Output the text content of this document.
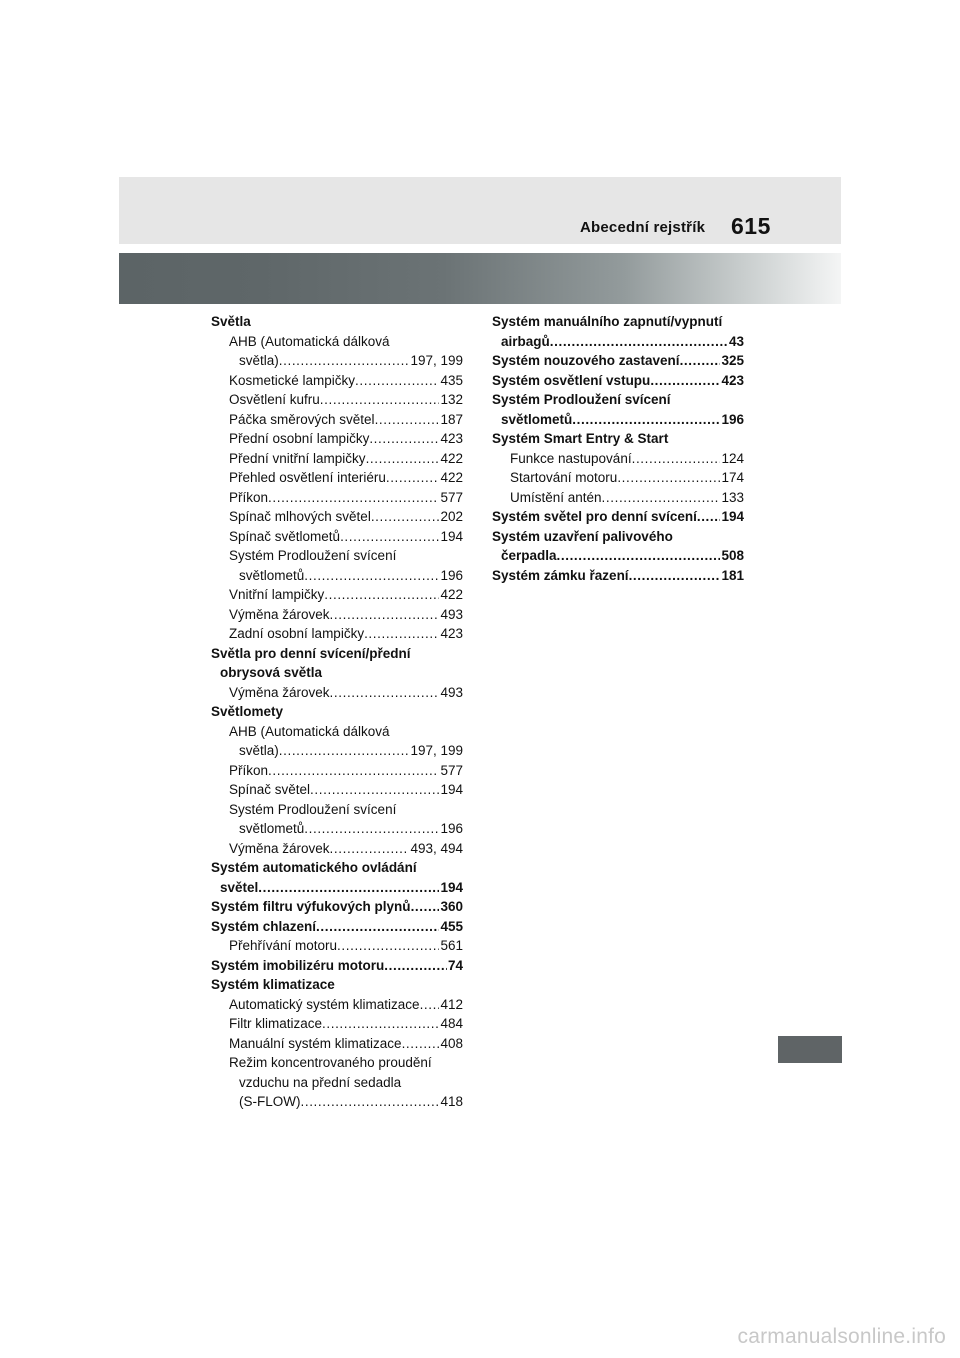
Abecední rejstřík 615
Světla
AHB (Automatická dálková
světla) .....	197, 199
Kosmetické lampičky .....	435
Osvětlení kufru .....	132
Páčka směrových světel .....	187
Přední osobní lampičky .....	423
Přední vnitřní lampičky .....	422
Přehled osvětlení interiéru .....	422
Příkon .....	577
Spínač mlhových světel .....	202
Spínač světlometů .....	194
Systém Prodloužení svícení
světlometů .....	196
Vnitřní lampičky .....	422
Výměna žárovek .....	493
Zadní osobní lampičky .....	423
Světla pro denní svícení/přední
obrysová světla
Výměna žárovek .....	493
Světlomety
AHB (Automatická dálková
světla) .....	197, 199
Příkon .....	577
Spínač světel .....	194
Systém Prodloužení svícení
světlometů .....	196
Výměna žárovek .....	493, 494
Systém automatického ovládání
světel .....	194
Systém filtru výfukových plynů ..... 360
Systém chlazení .....	455
Přehřívání motoru .....	561
Systém imobilizéru motoru .....	74
Systém klimatizace
Automatický systém klimatizace ..... 412
Filtr klimatizace .....	484
Manuální systém klimatizace .....	408
Režim koncentrovaného proudění
vzduchu na přední sedadla
(S-FLOW) .....	418
Systém manuálního zapnutí/vypnutí
airbagů .....	43
Systém nouzového zastavení .....	325
Systém osvětlení vstupu .....	423
Systém Prodloužení svícení
světlometů .....	196
Systém Smart Entry & Start
Funkce nastupování .....	124
Startování motoru .....	174
Umístění antén .....	133
Systém světel pro denní svícení ..... 194
Systém uzavření palivového
čerpadla .....	508
Systém zámku řazení .....	181
carmanualsonline.info
